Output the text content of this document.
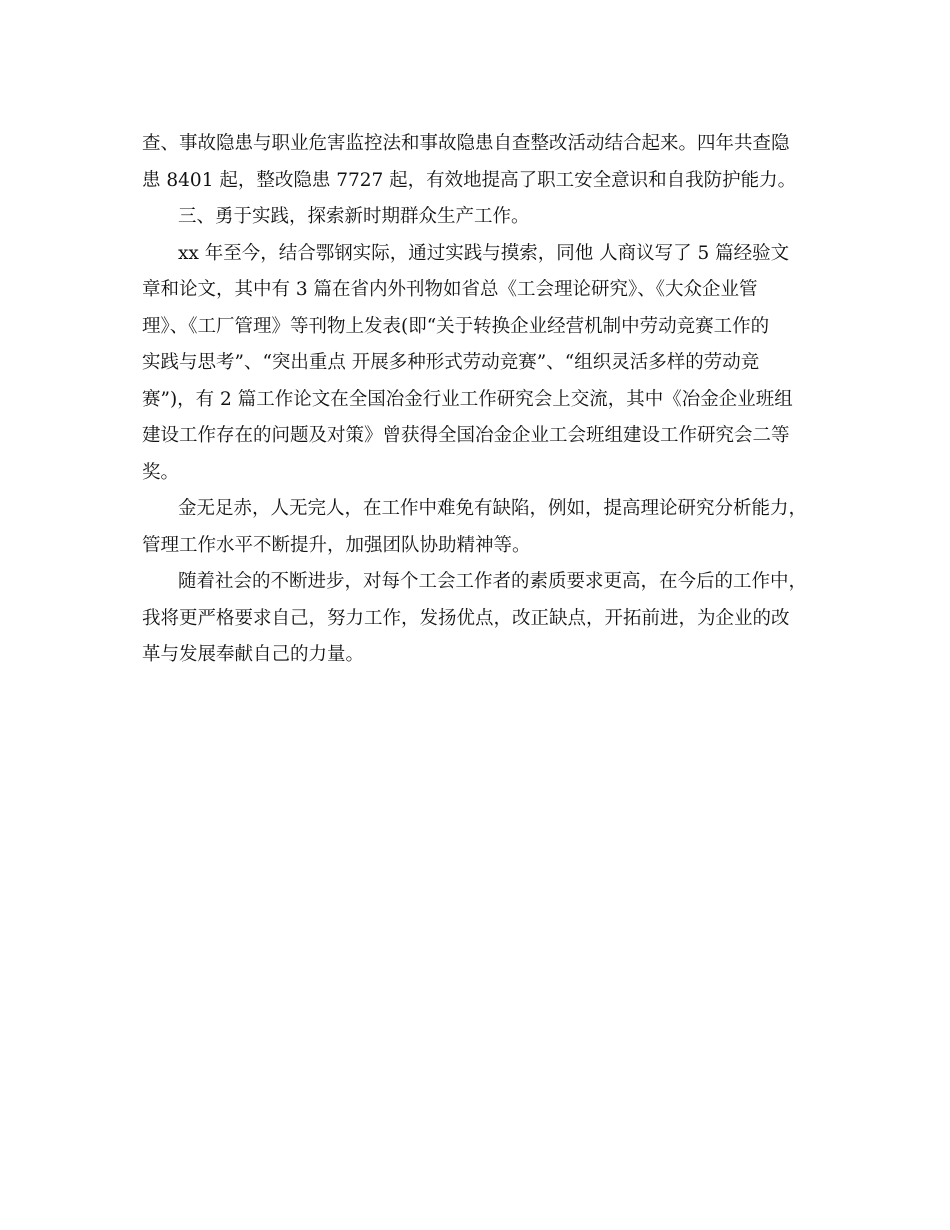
查、事故隐患与职业危害监控法和事故隐患自查整改活动结合起来。四年共查隐
患 8401 起，整改隐患 7727 起，有效地提高了职工安全意识和自我防护能力。
三、勇于实践，探索新时期群众生产工作。
xx 年至今，结合鄂钢实际，通过实践与摸索，同他 人商议写了 5 篇经验文
章和论文，其中有 3 篇在省内外刊物如省总《工会理论研究》、《大众企业管
理》、《工厂管理》等刊物上发表(即“关于转换企业经营机制中劳动竞赛工作的
实践与思考”、“突出重点 开展多种形式劳动竞赛”、“组织灵活多样的劳动竞
赛”)，有 2 篇工作论文在全国冶金行业工作研究会上交流，其中《冶金企业班组
建设工作存在的问题及对策》曾获得全国冶金企业工会班组建设工作研究会二等
奖。
金无足赤，人无完人，在工作中难免有缺陷，例如，提高理论研究分析能力，
管理工作水平不断提升，加强团队协助精神等。
随着社会的不断进步，对每个工会工作者的素质要求更高，在今后的工作中，
我将更严格要求自己，努力工作，发扬优点，改正缺点，开拓前进，为企业的改
革与发展奉献自己的力量。
